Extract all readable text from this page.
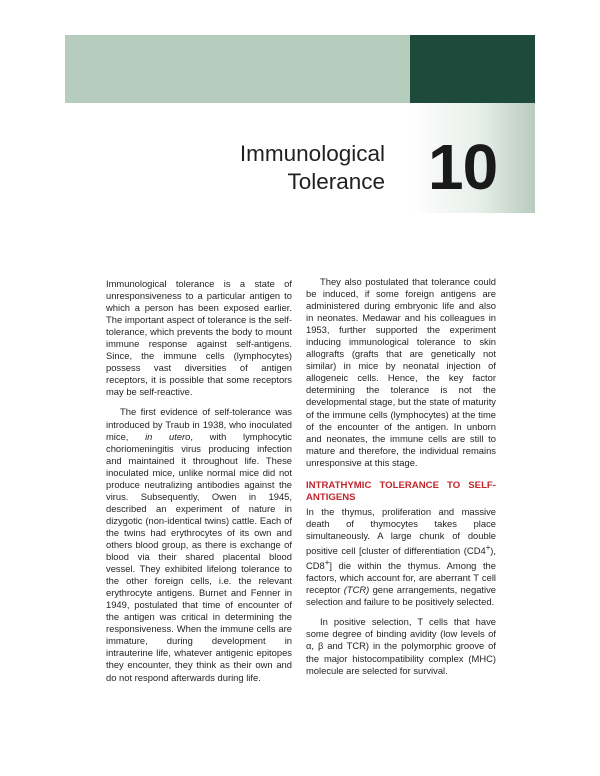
Immunological
Tolerance 10

Immunological tolerance is a state of unresponsiveness to a particular antigen to which a person has been exposed earlier. The important aspect of tolerance is the self-tolerance, which prevents the body to mount immune response against self-antigens. Since, the immune cells (lymphocytes) possess vast diversities of antigen receptors, it is possible that some receptors may be self-reactive.

The first evidence of self-tolerance was introduced by Traub in 1938, who inoculated mice, in utero, with lymphocytic choriomeningitis virus producing infection and maintained it throughout life. These inoculated mice, unlike normal mice did not produce neutralizing antibodies against the virus. Subsequently, Owen in 1945, described an experiment of nature in dizygotic (non-identical twins) cattle. Each of the twins had erythrocytes of its own and others blood group, as there is exchange of blood via their shared placental blood vessel. They exhibited lifelong tolerance to the other foreign cells, i.e. the relevant erythrocyte antigens. Burnet and Fenner in 1949, postulated that time of encounter of the antigen was critical in determining the responsiveness. When the immune cells are immature, during development in intrauterine life, whatever antigenic epitopes they encounter, they think as their own and do not respond afterwards during life.

They also postulated that tolerance could be induced, if some foreign antigens are administered during embryonic life and also in neonates. Medawar and his colleagues in 1953, further supported the experiment inducing immunological tolerance to skin allografts (grafts that are genetically not similar) in mice by neonatal injection of allogeneic cells. Hence, the key factor determining the tolerance is not the developmental stage, but the state of maturity of the immune cells (lymphocytes) at the time of the encounter of the antigen. In unborn and neonates, the immune cells are still to mature and therefore, the individual remains unresponsive at this stage.

INTRATHYMIC TOLERANCE TO SELF-ANTIGENS

In the thymus, proliferation and massive death of thymocytes takes place simultaneously. A large chunk of double positive cell [cluster of differentiation (CD4+), CD8+] die within the thymus. Among the factors, which account for, are aberrant T cell receptor (TCR) gene arrangements, negative selection and failure to be positively selected.

In positive selection, T cells that have some degree of binding avidity (low levels of α, β and TCR) in the polymorphic groove of the major histocompatibility complex (MHC) molecule are selected for survival.
